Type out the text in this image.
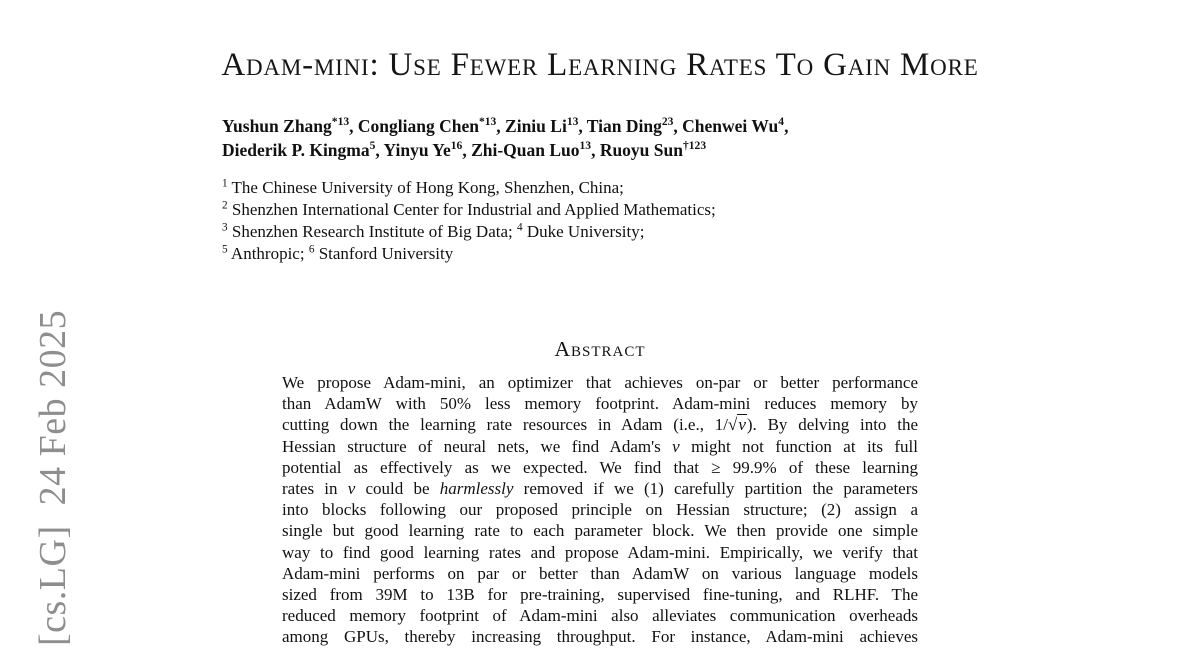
[cs.LG]  24 Feb 2025
Adam-mini: Use Fewer Learning Rates To Gain More
Yushun Zhang$^{*13}$, Congliang Chen$^{*13}$, Ziniu Li$^{13}$, Tian Ding$^{23}$, Chenwei Wu$^4$,
Diederik P. Kingma$^5$, Yinyu Ye$^{16}$, Zhi-Quan Luo$^{13}$, Ruoyu Sun$^{\dagger 123}$
$^1$ The Chinese University of Hong Kong, Shenzhen, China;
$^2$ Shenzhen International Center for Industrial and Applied Mathematics;
$^3$ Shenzhen Research Institute of Big Data; $^4$ Duke University;
$^5$ Anthropic; $^6$ Stanford University
Abstract
We propose Adam-mini, an optimizer that achieves on-par or better performance
than AdamW with 50% less memory footprint. Adam-mini reduces memory by
cutting down the learning rate resources in Adam (i.e., 1/√v). By delving into the
Hessian structure of neural nets, we find Adam's v might not function at its full
potential as effectively as we expected. We find that ≥ 99.9% of these learning
rates in v could be harmlessly removed if we (1) carefully partition the parameters
into blocks following our proposed principle on Hessian structure; (2) assign a
single but good learning rate to each parameter block. We then provide one simple
way to find good learning rates and propose Adam-mini. Empirically, we verify that
Adam-mini performs on par or better than AdamW on various language models
sized from 39M to 13B for pre-training, supervised fine-tuning, and RLHF. The
reduced memory footprint of Adam-mini also alleviates communication overheads
among GPUs, thereby increasing throughput. For instance, Adam-mini achieves
